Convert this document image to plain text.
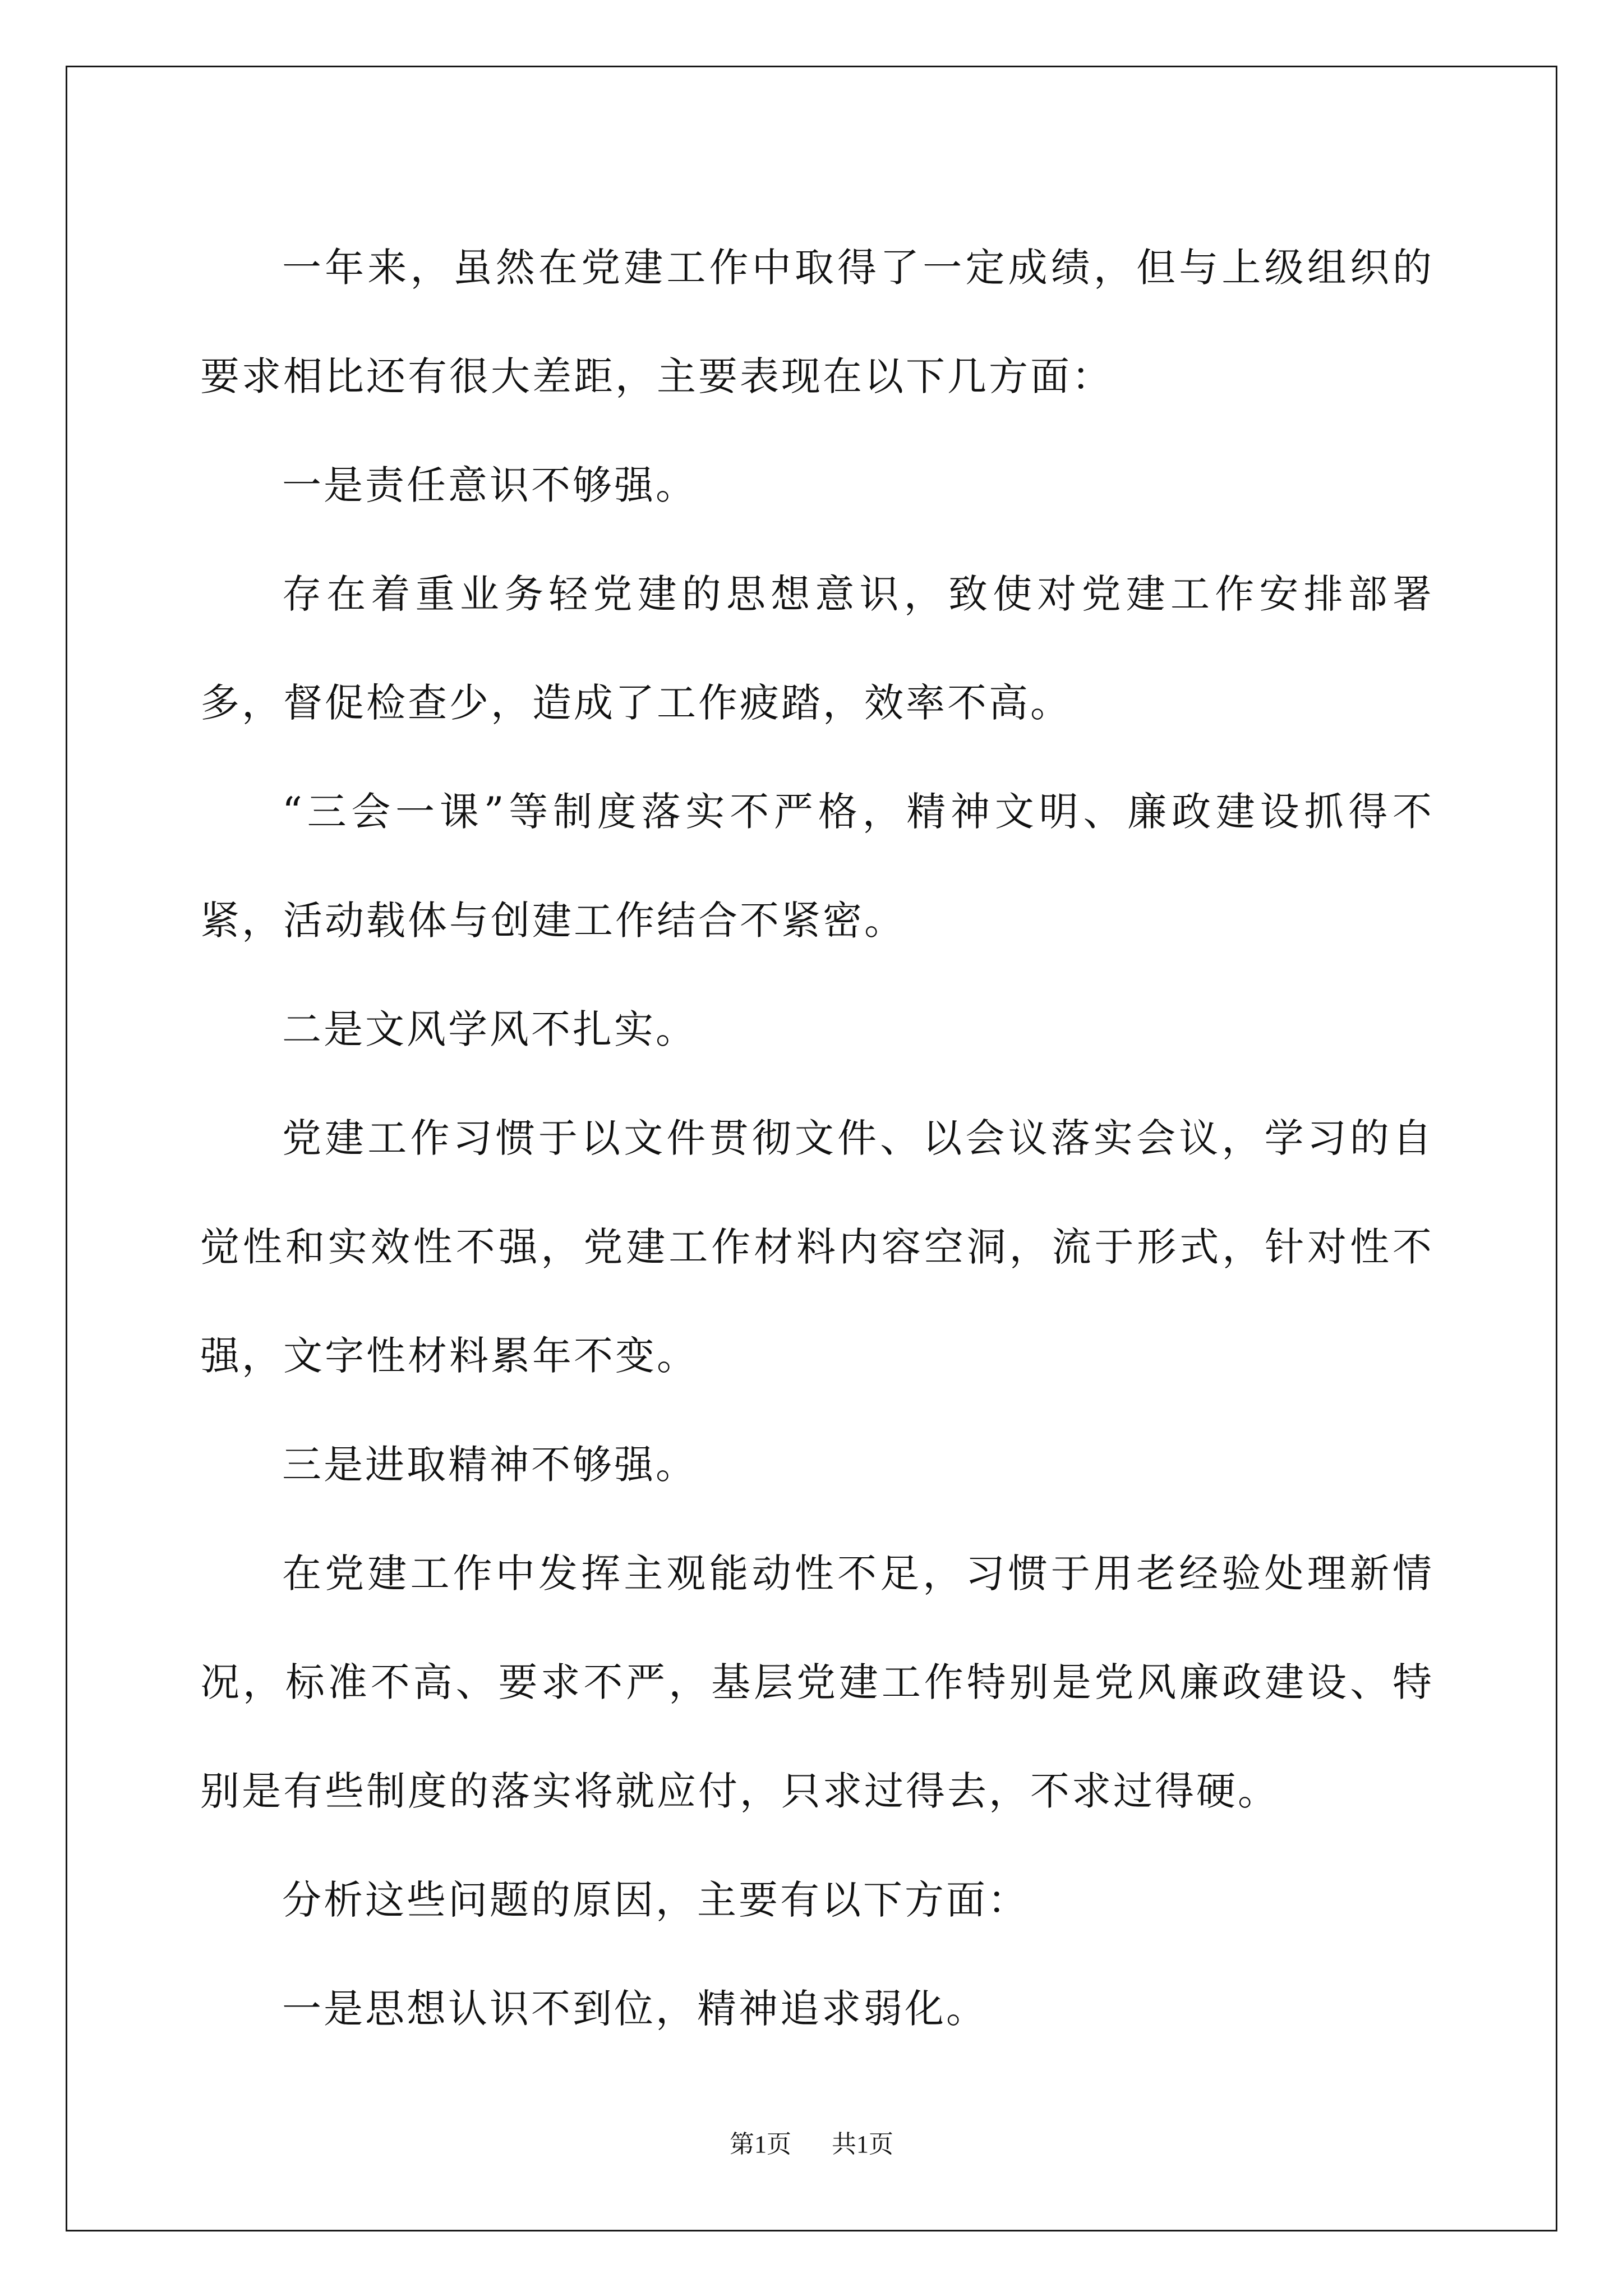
一年来，虽然在党建工作中取得了一定成绩，但与上级组织的要求相比还有很大差距，主要表现在以下几方面：

一是责任意识不够强。

存在着重业务轻党建的思想意识，致使对党建工作安排部署多，督促检查少，造成了工作疲踏，效率不高。

“三会一课”等制度落实不严格，精神文明、廉政建设抓得不紧，活动载体与创建工作结合不紧密。

二是文风学风不扎实。

党建工作习惯于以文件贯彻文件、以会议落实会议，学习的自觉性和实效性不强，党建工作材料内容空洞，流于形式，针对性不强，文字性材料累年不变。

三是进取精神不够强。

在党建工作中发挥主观能动性不足，习惯于用老经验处理新情况，标准不高、要求不严，基层党建工作特别是党风廉政建设、特别是有些制度的落实将就应付，只求过得去，不求过得硬。

分析这些问题的原因，主要有以下方面：

一是思想认识不到位，精神追求弱化。

第1页 共1页
